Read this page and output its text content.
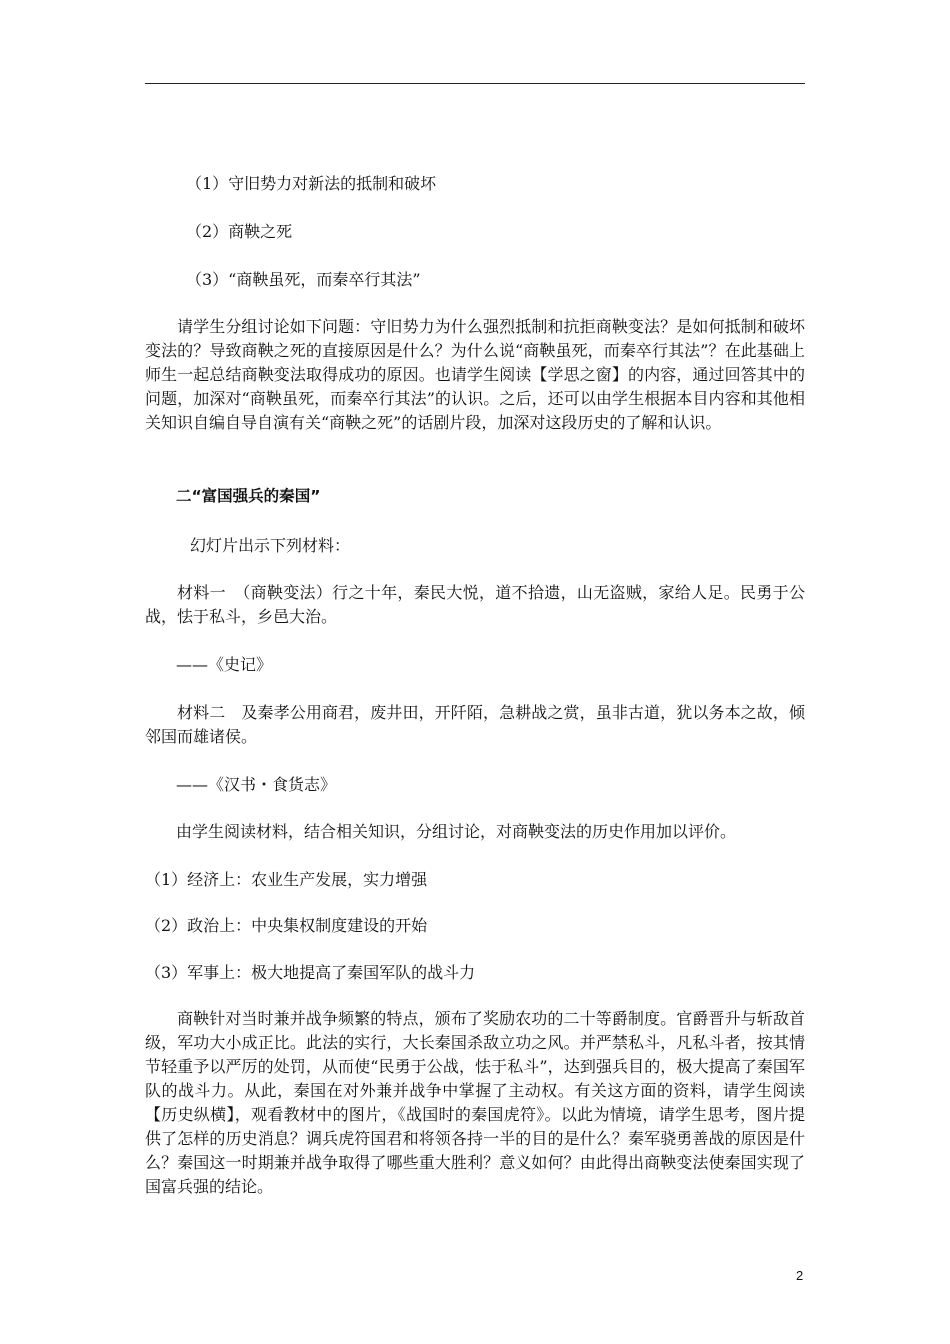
（1）守旧势力对新法的抵制和破坏
（2）商鞅之死
（3）“商鞅虽死，而秦卒行其法”
请学生分组讨论如下问题：守旧势力为什么强烈抵制和抗拒商鞅变法？是如何抵制和破坏变法的？导致商鞅之死的直接原因是什么？为什么说“商鞅虽死，而秦卒行其法”？在此基础上师生一起总结商鞅变法取得成功的原因。也请学生阅读【学思之窗】的内容，通过回答其中的问题，加深对“商鞅虽死，而秦卒行其法”的认识。之后，还可以由学生根据本目内容和其他相关知识自编自导自演有关“商鞅之死”的话剧片段，加深对这段历史的了解和认识。
二“富国强兵的秦国”
幻灯片出示下列材料：
材料一　（商鞅变法）行之十年，秦民大悦，道不拾遗，山无盗贼，家给人足。民勇于公战，怯于私斗，乡邑大治。
——《史记》
材料二　及秦孝公用商君，废井田，开阡陌，急耕战之赏，虽非古道，犹以务本之故，倾邻国而雄诸侯。
——《汉书・食货志》
由学生阅读材料，结合相关知识，分组讨论，对商鞅变法的历史作用加以评价。
（1）经济上：农业生产发展，实力增强
（2）政治上：中央集权制度建设的开始
（3）军事上：极大地提高了秦国军队的战斗力
商鞅针对当时兼并战争频繁的特点，颁布了奖励农功的二十等爵制度。官爵晋升与斩敌首级，军功大小成正比。此法的实行，大长秦国杀敌立功之风。并严禁私斗，凡私斗者，按其情节轻重予以严厉的处罚，从而使“民勇于公战，怯于私斗”，达到强兵目的，极大提高了秦国军队的战斗力。从此，秦国在对外兼并战争中掌握了主动权。有关这方面的资料，请学生阅读【历史纵横】，观看教材中的图片，《战国时的秦国虎符》。以此为情境，请学生思考，图片提供了怎样的历史消息？调兵虎符国君和将领各持一半的目的是什么？秦军骁勇善战的原因是什么？秦国这一时期兼并战争取得了哪些重大胜利？意义如何？由此得出商鞅变法使秦国实现了国富兵强的结论。
2
